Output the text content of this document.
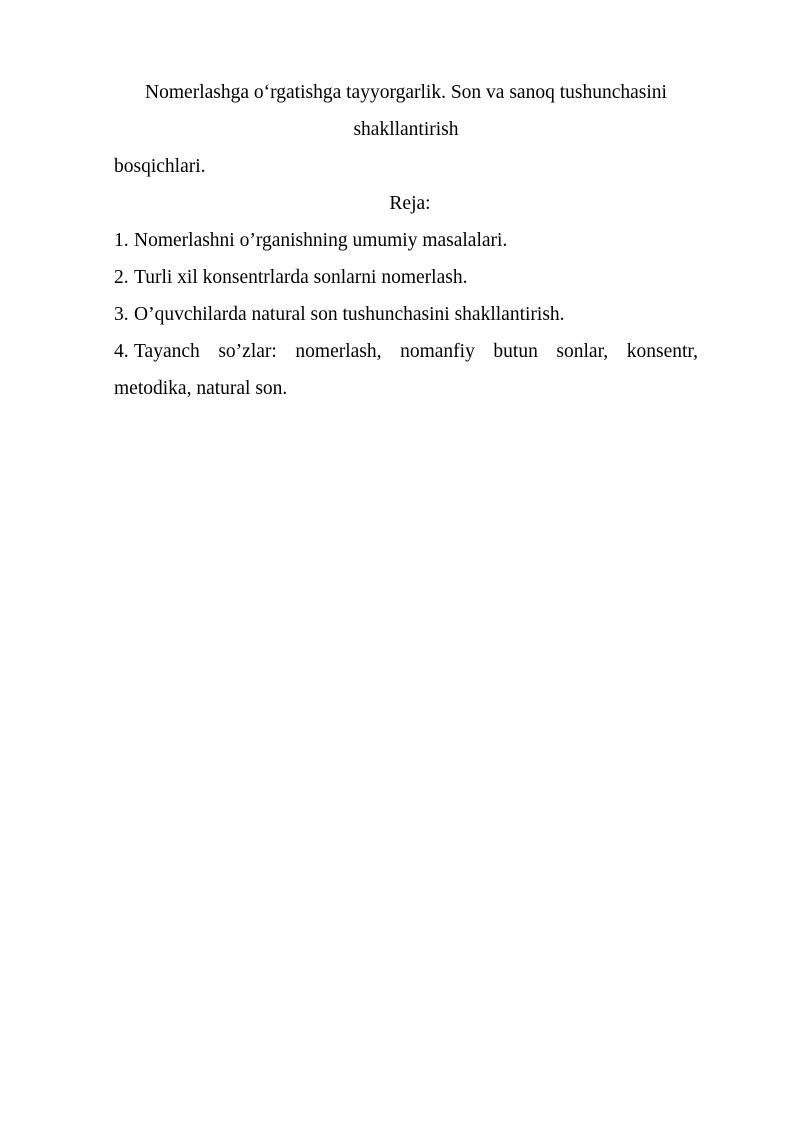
Nomerlashga o‘rgatishga tayyorgarlik. Son va sanoq tushunchasini shakllantirish

bosqichlari.

Reja:

1. Nomerlashni o’rganishning umumiy masalalari.
2. Turli xil konsentrlarda sonlarni nomerlash.
3. O’quvchilarda natural son tushunchasini shakllantirish.
4. Tayanch so’zlar: nomerlash, nomanfiy butun sonlar, konsentr, metodika, natural son.
